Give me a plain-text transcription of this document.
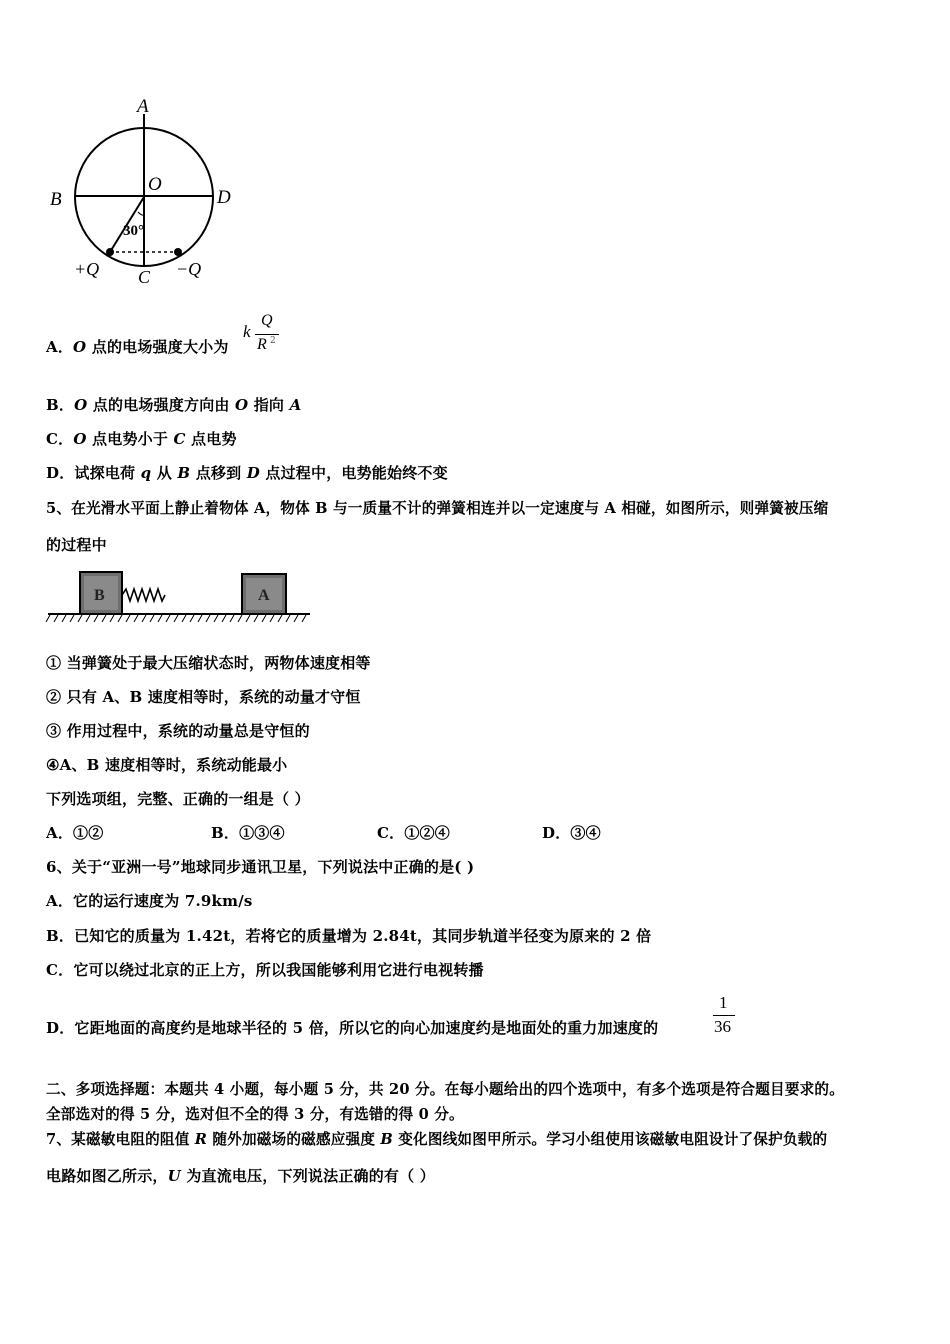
A
B	D
O
30°
+Q C −Q
A．O 点的电场强度大小为
k
Q
R 2
B．O 点的电场强度方向由 O 指向 A
C．O 点电势小于 C 点电势
D．试探电荷 q 从 B 点移到 D 点过程中，电势能始终不变
5、在光滑水平面上静止着物体 A，物体 B 与一质量不计的弹簧相连并以一定速度与 A 相碰，如图所示，则弹簧被压缩
的过程中
B	A
① 当弹簧处于最大压缩状态时，两物体速度相等
② 只有 A、B 速度相等时，系统的动量才守恒
③ 作用过程中，系统的动量总是守恒的
④A、B 速度相等时，系统动能最小
下列选项组，完整、正确的一组是（ ）
A．①②	B．①③④	C．①②④	D．③④
6、关于“亚洲一号”地球同步通讯卫星，下列说法中正确的是( )
A．它的运行速度为 7.9km/s
B．已知它的质量为 1.42t，若将它的质量增为 2.84t，其同步轨道半径变为原来的 2 倍
C．它可以绕过北京的正上方，所以我国能够利用它进行电视转播
D．它距地面的高度约是地球半径的 5 倍，所以它的向心加速度约是地面处的重力加速度的
1
36
二、多项选择题：本题共 4 小题，每小题 5 分，共 20 分。在每小题给出的四个选项中，有多个选项是符合题目要求的。
全部选对的得 5 分，选对但不全的得 3 分，有选错的得 0 分。
7、某磁敏电阻的阻值 R 随外加磁场的磁感应强度 B 变化图线如图甲所示。学习小组使用该磁敏电阻设计了保护负载的
电路如图乙所示，U 为直流电压，下列说法正确的有（ ）
